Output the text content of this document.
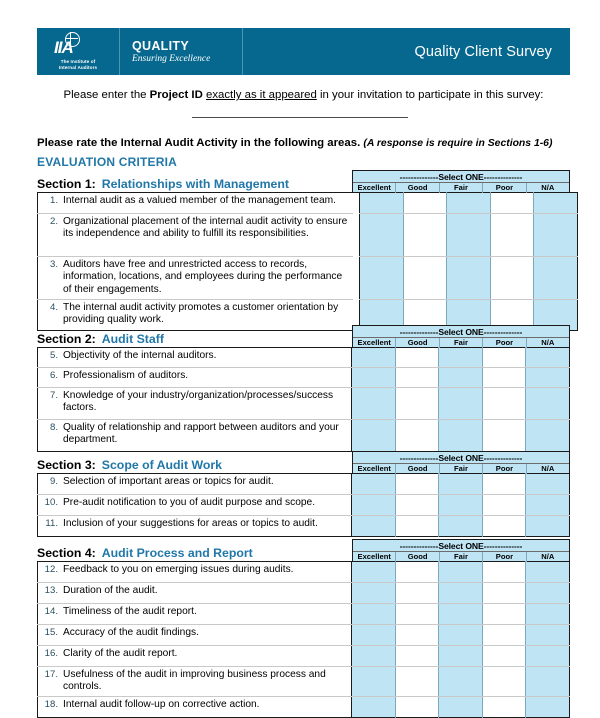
IIA
The Institute of
Internal Auditors
QUALITY
Ensuring Excellence	Quality Client Survey
Please enter the Project ID exactly as it appeared in your invitation to participate in this survey:
Please rate the Internal Audit Activity in the following areas. (A response is require in Sections 1-6)
EVALUATION CRITERIA
Section 1: Relationships with Management
--------------Select ONE--------------
Excellent	Good	Fair	Poor	N/A
1. Internal audit as a valued member of the management team.						

2. Organizational placement of the internal audit activity to ensure its independence and ability to fulfill its responsibilities.						

3. Auditors have free and unrestricted access to records, information, locations, and employees during the performance of their engagements.						

4. The internal audit activity promotes a customer orientation by providing quality work.						

Section 2: Audit Staff
--------------Select ONE--------------
Excellent	Good	Fair	Poor	N/A
5. Objectivity of the internal auditors.					

6. Professionalism of auditors.					

7. Knowledge of your industry/organization/processes/success factors.					

8. Quality of relationship and rapport between auditors and your department.					

Section 3: Scope of Audit Work
--------------Select ONE--------------
Excellent	Good	Fair	Poor	N/A
9. Selection of important areas or topics for audit.					

10. Pre-audit notification to you of audit purpose and scope.					

11. Inclusion of your suggestions for areas or topics to audit.					

Section 4: Audit Process and Report
--------------Select ONE--------------
Excellent	Good	Fair	Poor	N/A
12. Feedback to you on emerging issues during audits.					

13. Duration of the audit.					

14. Timeliness of the audit report.					

15. Accuracy of the audit findings.					

16. Clarity of the audit report.					

17. Usefulness of the audit in improving business process and controls.					

18. Internal audit follow-up on corrective action.					
